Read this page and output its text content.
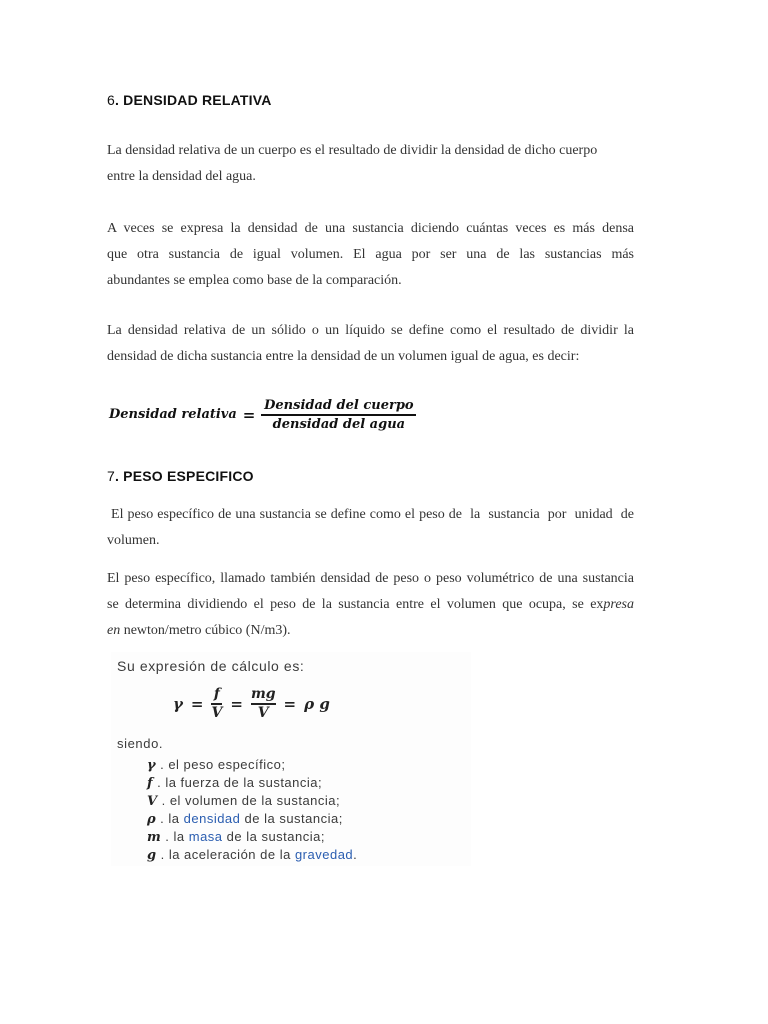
6. DENSIDAD RELATIVA
La densidad relativa de un cuerpo es el resultado de dividir la densidad de dicho cuerpo
entre la densidad del agua.
A veces se expresa la densidad de una sustancia diciendo cuántas veces es más densa
que otra sustancia de igual volumen. El agua por ser una de las sustancias más
abundantes se emplea como base de la comparación.
La densidad relativa de un sólido o un líquido se define como el resultado de dividir la
densidad de dicha sustancia entre la densidad de un volumen igual de agua, es decir:
Densidad relativa = $\frac{\text{Densidad del cuerpo}}{\text{densidad del agua}}$
7. PESO ESPECIFICO
El peso específico de una sustancia se define como el peso de  la  sustancia  por  unidad  de
volumen.
El peso específico, llamado también densidad de peso o peso volumétrico de una sustancia
se determina dividiendo el peso de la sustancia entre el volumen que ocupa, se expresa
en newton/metro cúbico (N/m3).
Su expresión de cálculo es:
γ =
f
V =
mg
V = ρ g
siendo.
γ . el peso específico;
f . la fuerza de la sustancia;
V . el volumen de la sustancia;
ρ . la densidad de la sustancia;
m . la masa de la sustancia;
g . la aceleración de la gravedad.
